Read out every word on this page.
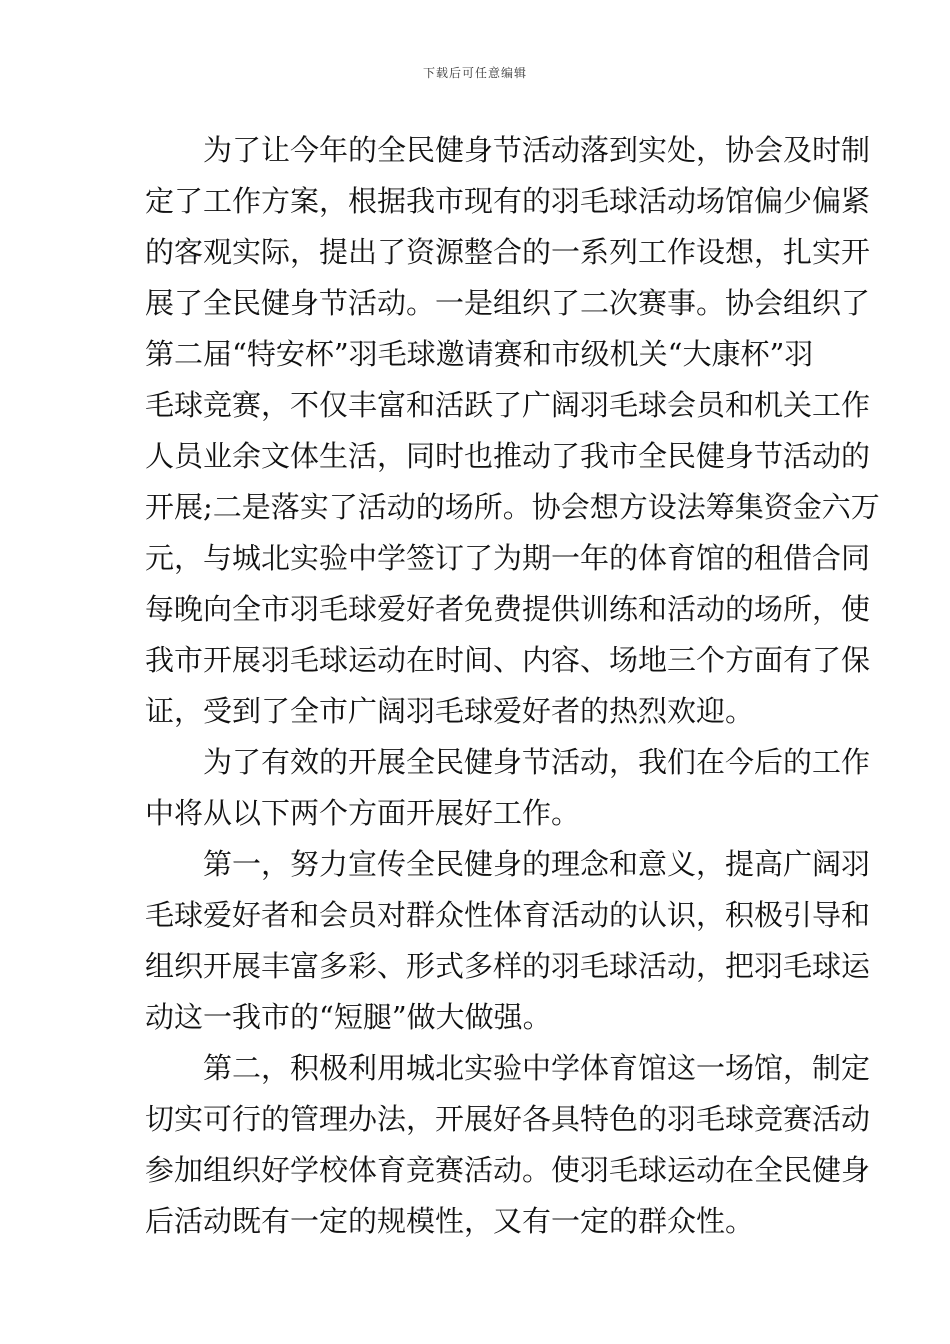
下载后可任意编辑
为了让今年的全民健身节活动落到实处，协会及时制
定了工作方案，根据我市现有的羽毛球活动场馆偏少偏紧
的客观实际，提出了资源整合的一系列工作设想，扎实开
展了全民健身节活动。一是组织了二次赛事。协会组织了
第二届“特安杯”羽毛球邀请赛和市级机关“大康杯”羽
毛球竞赛，不仅丰富和活跃了广阔羽毛球会员和机关工作
人员业余文体生活，同时也推动了我市全民健身节活动的
开展;二是落实了活动的场所。协会想方设法筹集资金六万
元，与城北实验中学签订了为期一年的体育馆的租借合同
每晚向全市羽毛球爱好者免费提供训练和活动的场所，使
我市开展羽毛球运动在时间、内容、场地三个方面有了保
证，受到了全市广阔羽毛球爱好者的热烈欢迎。
为了有效的开展全民健身节活动，我们在今后的工作
中将从以下两个方面开展好工作。
第一，努力宣传全民健身的理念和意义，提高广阔羽
毛球爱好者和会员对群众性体育活动的认识，积极引导和
组织开展丰富多彩、形式多样的羽毛球活动，把羽毛球运
动这一我市的“短腿”做大做强。
第二，积极利用城北实验中学体育馆这一场馆，制定
切实可行的管理办法，开展好各具特色的羽毛球竞赛活动
参加组织好学校体育竞赛活动。使羽毛球运动在全民健身
后活动既有一定的规模性，又有一定的群众性。
